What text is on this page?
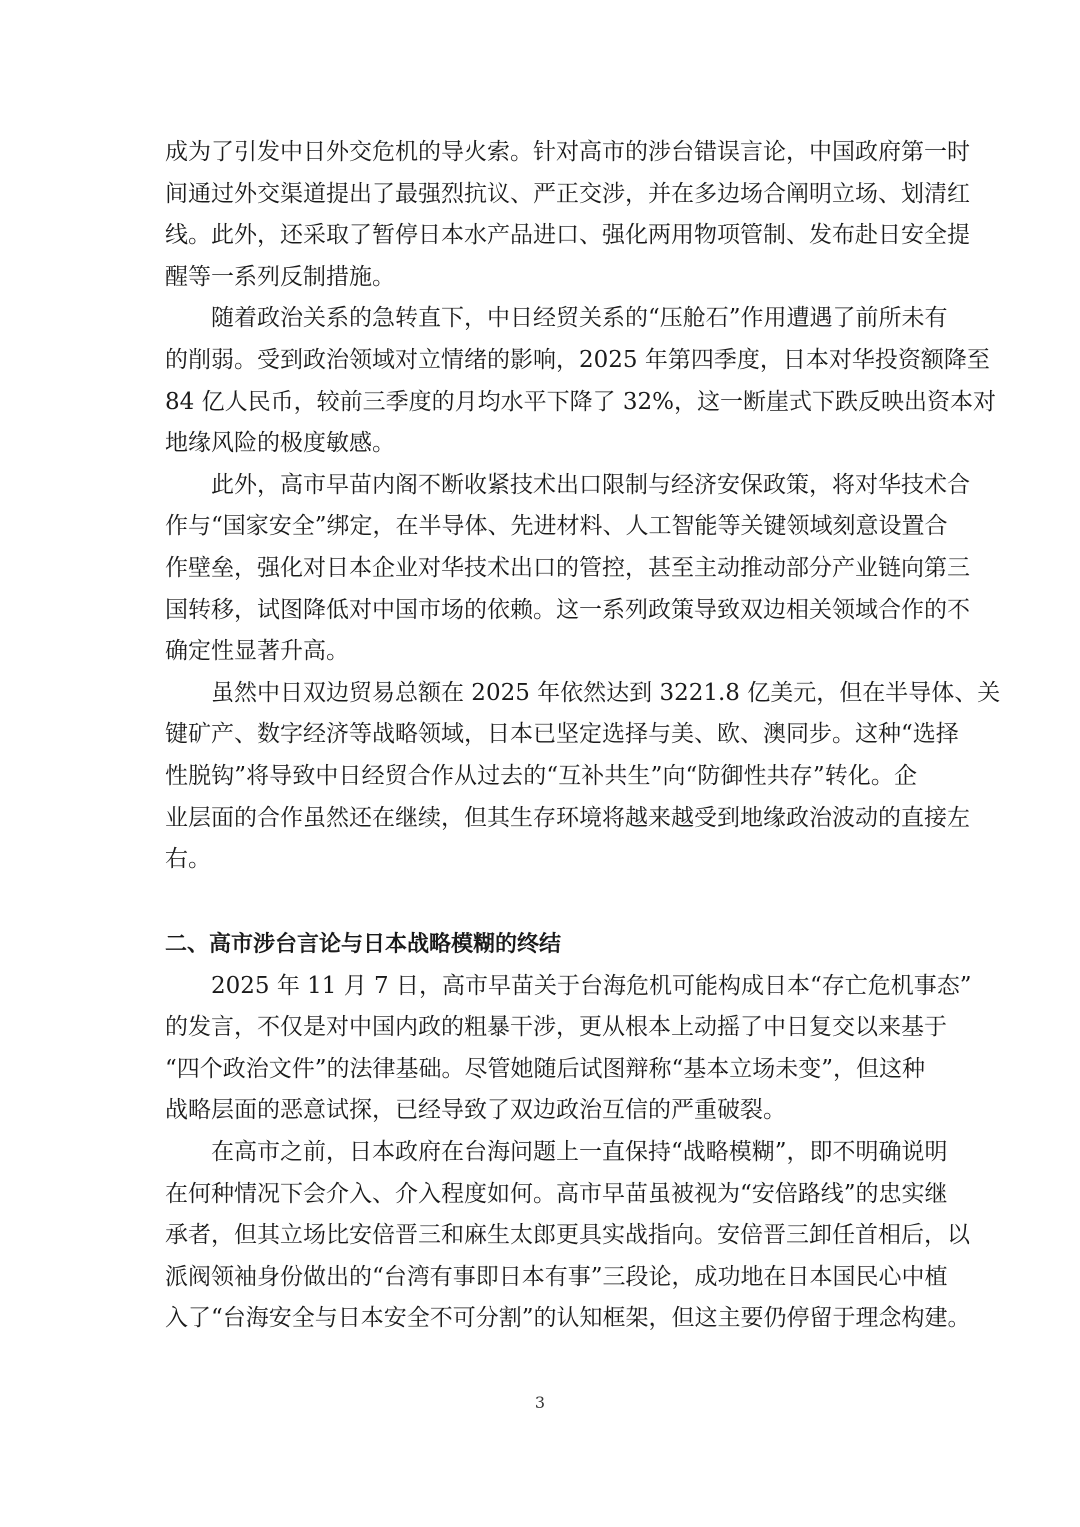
成为了引发中日外交危机的导火索。针对高市的涉台错误言论，中国政府第一时
间通过外交渠道提出了最强烈抗议、严正交涉，并在多边场合阐明立场、划清红
线。此外，还采取了暂停日本水产品进口、强化两用物项管制、发布赴日安全提
醒等一系列反制措施。
随着政治关系的急转直下，中日经贸关系的“压舱石”作用遭遇了前所未有
的削弱。受到政治领域对立情绪的影响，2025 年第四季度，日本对华投资额降至
84 亿人民币，较前三季度的月均水平下降了 32%，这一断崖式下跌反映出资本对
地缘风险的极度敏感。
此外，高市早苗内阁不断收紧技术出口限制与经济安保政策，将对华技术合
作与“国家安全”绑定，在半导体、先进材料、人工智能等关键领域刻意设置合
作壁垒，强化对日本企业对华技术出口的管控，甚至主动推动部分产业链向第三
国转移，试图降低对中国市场的依赖。这一系列政策导致双边相关领域合作的不
确定性显著升高。
虽然中日双边贸易总额在 2025 年依然达到 3221.8 亿美元，但在半导体、关
键矿产、数字经济等战略领域，日本已坚定选择与美、欧、澳同步。这种“选择
性脱钩”将导致中日经贸合作从过去的“互补共生”向“防御性共存”转化。企
业层面的合作虽然还在继续，但其生存环境将越来越受到地缘政治波动的直接左
右。
二、高市涉台言论与日本战略模糊的终结
2025 年 11 月 7 日，高市早苗关于台海危机可能构成日本“存亡危机事态”
的发言，不仅是对中国内政的粗暴干涉，更从根本上动摇了中日复交以来基于
“四个政治文件”的法律基础。尽管她随后试图辩称“基本立场未变”，但这种
战略层面的恶意试探，已经导致了双边政治互信的严重破裂。
在高市之前，日本政府在台海问题上一直保持“战略模糊”，即不明确说明
在何种情况下会介入、介入程度如何。高市早苗虽被视为“安倍路线”的忠实继
承者，但其立场比安倍晋三和麻生太郎更具实战指向。安倍晋三卸任首相后，以
派阀领袖身份做出的“台湾有事即日本有事”三段论，成功地在日本国民心中植
入了“台海安全与日本安全不可分割”的认知框架，但这主要仍停留于理念构建。
3
